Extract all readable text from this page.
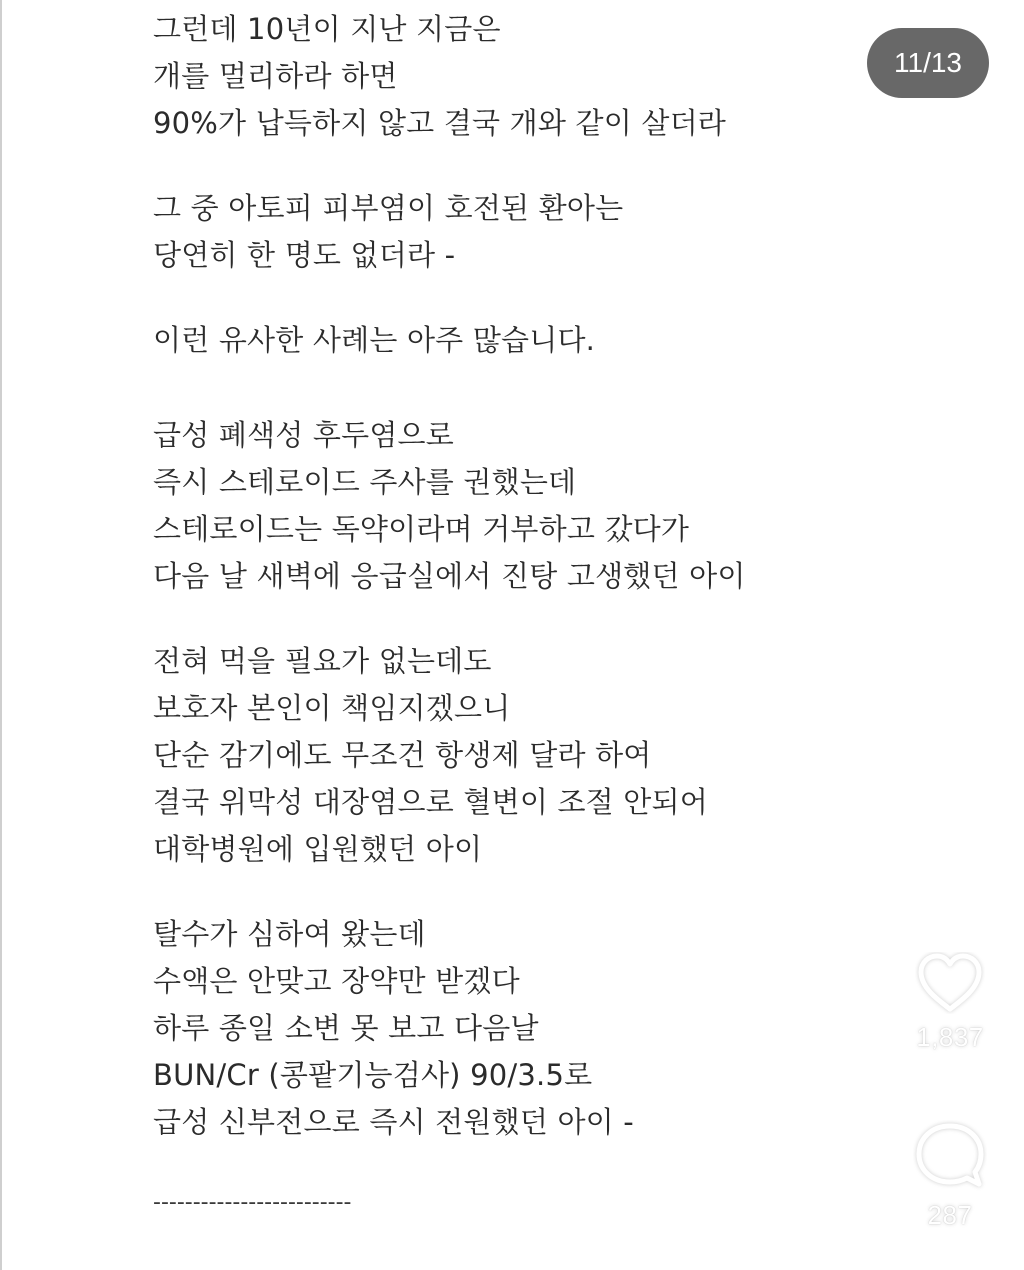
그런데 10년이 지난 지금은
개를 멀리하라 하면
90%가 납득하지 않고 결국 개와 같이 살더라
그 중 아토피 피부염이 호전된 환아는
당연히 한 명도 없더라 -
이런 유사한 사례는 아주 많습니다.
급성 폐색성 후두염으로
즉시 스테로이드 주사를 권했는데
스테로이드는 독약이라며 거부하고 갔다가
다음 날 새벽에 응급실에서 진탕 고생했던 아이
전혀 먹을 필요가 없는데도
보호자 본인이 책임지겠으니
단순 감기에도 무조건 항생제 달라 하여
결국 위막성 대장염으로 혈변이 조절 안되어
대학병원에 입원했던 아이
탈수가 심하여 왔는데
수액은 안맞고 장약만 받겠다
하루 종일 소변 못 보고 다음날
BUN/Cr (콩팥기능검사) 90/3.5로
급성 신부전으로 즉시 전원했던 아이 -
-------------------------
11/13
1,837
287
